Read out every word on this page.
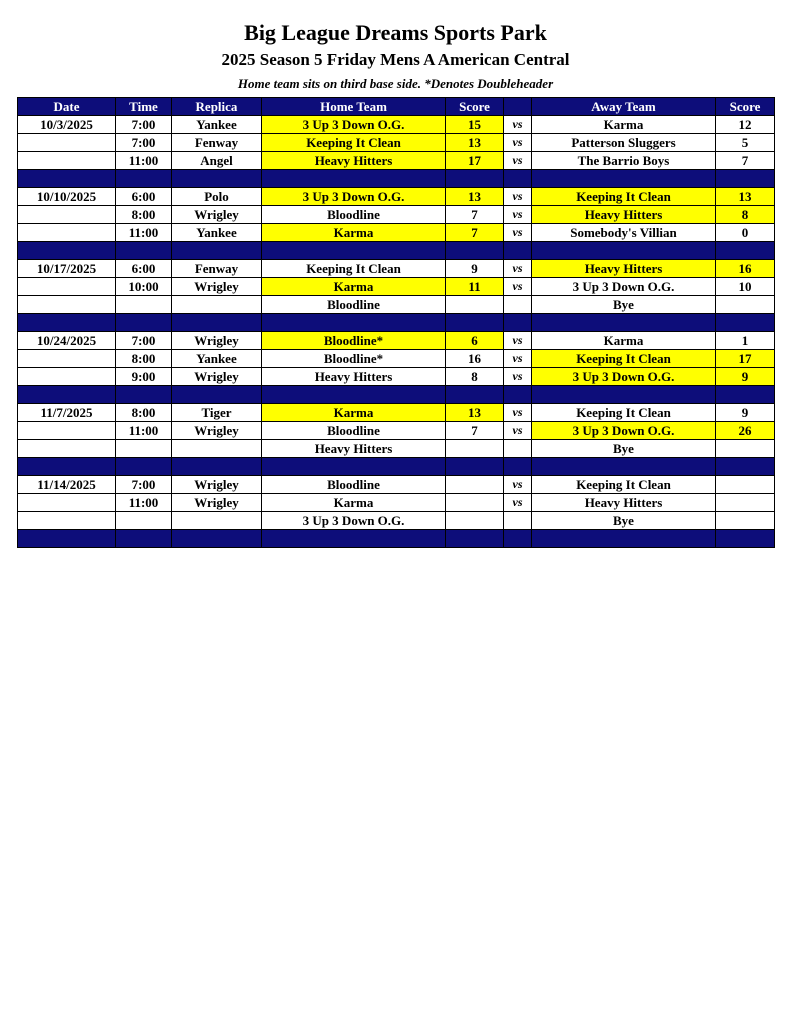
Big League Dreams Sports Park
2025 Season 5 Friday Mens A American Central
Home team sits on third base side. *Denotes Doubleheader
Date	Time	Replica	Home Team	Score		Away Team	Score
10/3/2025	7:00	Yankee	3 Up 3 Down O.G.	15	vs	Karma	12
	7:00	Fenway	Keeping It Clean	13	vs	Patterson Sluggers	5
	11:00	Angel	Heavy Hitters	17	vs	The Barrio Boys	7

10/10/2025	6:00	Polo	3 Up 3 Down O.G.	13	vs	Keeping It Clean	13
	8:00	Wrigley	Bloodline	7	vs	Heavy Hitters	8
	11:00	Yankee	Karma	7	vs	Somebody's Villian	0

10/17/2025	6:00	Fenway	Keeping It Clean	9	vs	Heavy Hitters	16
	10:00	Wrigley	Karma	11	vs	3 Up 3 Down O.G.	10
			Bloodline			Bye	

10/24/2025	7:00	Wrigley	Bloodline*	6	vs	Karma	1
	8:00	Yankee	Bloodline*	16	vs	Keeping It Clean	17
	9:00	Wrigley	Heavy Hitters	8	vs	3 Up 3 Down O.G.	9

11/7/2025	8:00	Tiger	Karma	13	vs	Keeping It Clean	9
	11:00	Wrigley	Bloodline	7	vs	3 Up 3 Down O.G.	26
			Heavy Hitters			Bye	

11/14/2025	7:00	Wrigley	Bloodline		vs	Keeping It Clean	
	11:00	Wrigley	Karma		vs	Heavy Hitters	
			3 Up 3 Down O.G.			Bye	
